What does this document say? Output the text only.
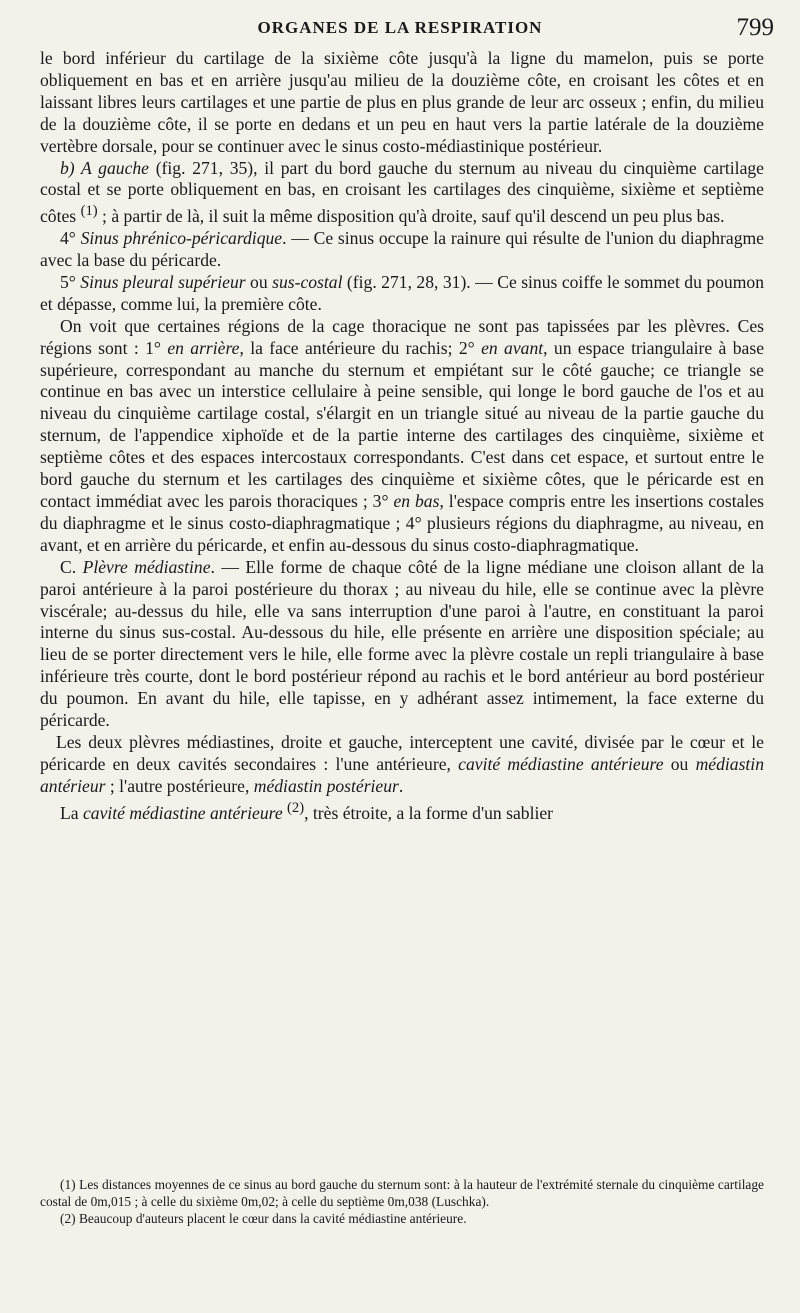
ORGANES DE LA RESPIRATION	799

le bord inférieur du cartilage de la sixième côte jusqu'à la ligne du mamelon, puis se porte obliquement en bas et en arrière jusqu'au milieu de la douzième côte, en croisant les côtes et en laissant libres leurs cartilages et une partie de plus en plus grande de leur arc osseux ; enfin, du milieu de la douzième côte, il se porte en dedans et un peu en haut vers la partie latérale de la douzième vertèbre dorsale, pour se continuer avec le sinus costo-médiastinique postérieur.

b) A gauche (fig. 271, 35), il part du bord gauche du sternum au niveau du cinquième cartilage costal et se porte obliquement en bas, en croisant les cartilages des cinquième, sixième et septième côtes $^{(1)}$ ; à partir de là, il suit la même disposition qu'à droite, sauf qu'il descend un peu plus bas.

4° Sinus phrénico-péricardique. — Ce sinus occupe la rainure qui résulte de l'union du diaphragme avec la base du péricarde.

5° Sinus pleural supérieur ou sus-costal (fig. 271, 28, 31). — Ce sinus coiffe le sommet du poumon et dépasse, comme lui, la première côte.

On voit que certaines régions de la cage thoracique ne sont pas tapissées par les plèvres. Ces régions sont : 1° en arrière, la face antérieure du rachis; 2° en avant, un espace triangulaire à base supérieure, correspondant au manche du sternum et empiétant sur le côté gauche; ce triangle se continue en bas avec un interstice cellulaire à peine sensible, qui longe le bord gauche de l'os et au niveau du cinquième cartilage costal, s'élargit en un triangle situé au niveau de la partie gauche du sternum, de l'appendice xiphoïde et de la partie interne des cartilages des cinquième, sixième et septième côtes et des espaces intercostaux correspondants. C'est dans cet espace, et surtout entre le bord gauche du sternum et les cartilages des cinquième et sixième côtes, que le péricarde est en contact immédiat avec les parois thoraciques ; 3° en bas, l'espace compris entre les insertions costales du diaphragme et le sinus costo-diaphragmatique ; 4° plusieurs régions du diaphragme, au niveau, en avant, et en arrière du péricarde, et enfin au-dessous du sinus costo-diaphragmatique.

C. Plèvre médiastine. — Elle forme de chaque côté de la ligne médiane une cloison allant de la paroi antérieure à la paroi postérieure du thorax ; au niveau du hile, elle se continue avec la plèvre viscérale; au-dessus du hile, elle va sans interruption d'une paroi à l'autre, en constituant la paroi interne du sinus sus-costal. Au-dessous du hile, elle présente en arrière une disposition spéciale; au lieu de se porter directement vers le hile, elle forme avec la plèvre costale un repli triangulaire à base inférieure très courte, dont le bord postérieur répond au rachis et le bord antérieur au bord postérieur du poumon. En avant du hile, elle tapisse, en y adhérant assez intimement, la face externe du péricarde.

Les deux plèvres médiastines, droite et gauche, interceptent une cavité, divisée par le cœur et le péricarde en deux cavités secondaires : l'une antérieure, cavité médiastine antérieure ou médiastin antérieur ; l'autre postérieure, médiastin postérieur.

La cavité médiastine antérieure $^{(2)}$, très étroite, a la forme d'un sablier

(1) Les distances moyennes de ce sinus au bord gauche du sternum sont: à la hauteur de l'extrémité sternale du cinquième cartilage costal de 0m,015 ; à celle du sixième 0m,02; à celle du septième 0m,038 (Luschka).

(2) Beaucoup d'auteurs placent le cœur dans la cavité médiastine antérieure.
